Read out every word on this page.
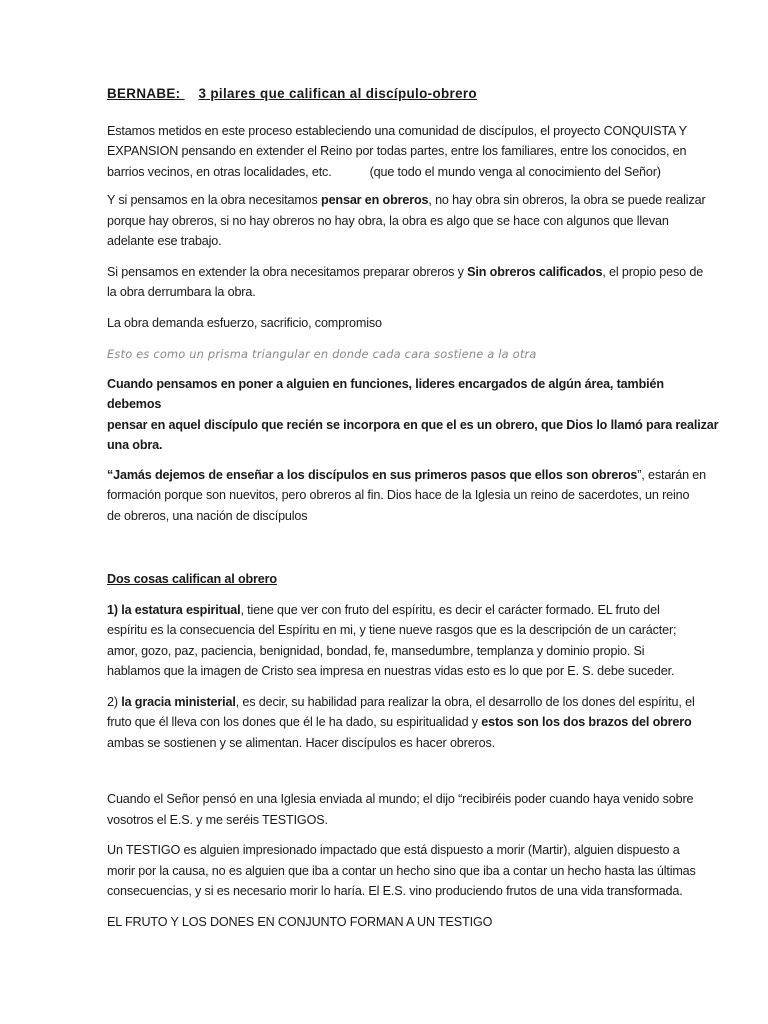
BERNABE: 3 pilares que califican al discípulo-obrero

Estamos metidos en este proceso estableciendo una comunidad de discípulos, el proyecto CONQUISTA Y
EXPANSION pensando en extender el Reino por todas partes, entre los familiares, entre los conocidos, en
barrios vecinos, en otras localidades, etc.	(que todo el mundo venga al conocimiento del Señor)

Y si pensamos en la obra necesitamos pensar en obreros, no hay obra sin obreros, la obra se puede realizar
porque hay obreros, si no hay obreros no hay obra, la obra es algo que se hace con algunos que llevan
adelante ese trabajo.

Si pensamos en extender la obra necesitamos preparar obreros y Sin obreros calificados, el propio peso de
la obra derrumbara la obra.

La obra demanda esfuerzo, sacrificio, compromiso

Esto es como un prisma triangular en donde cada cara sostiene a la otra

Cuando pensamos en poner a alguien en funciones, lideres encargados de algún área, también debemos
pensar en aquel discípulo que recién se incorpora en que el es un obrero, que Dios lo llamó para realizar
una obra.

“Jamás dejemos de enseñar a los discípulos en sus primeros pasos que ellos son obreros”, estarán en
formación porque son nuevitos, pero obreros al fin. Dios hace de la Iglesia un reino de sacerdotes, un reino
de obreros, una nación de discípulos

Dos cosas califican al obrero

1) la estatura espiritual, tiene que ver con fruto del espíritu, es decir el carácter formado. EL fruto del
espíritu es la consecuencia del Espíritu en mi, y tiene nueve rasgos que es la descripción de un carácter;
amor, gozo, paz, paciencia, benignidad, bondad, fe, mansedumbre, templanza y dominio propio. Si
hablamos que la imagen de Cristo sea impresa en nuestras vidas esto es lo que por E. S. debe suceder.

2) la gracia ministerial, es decir, su habilidad para realizar la obra, el desarrollo de los dones del espíritu, el
fruto que él lleva con los dones que él le ha dado, su espiritualidad y estos son los dos brazos del obrero
ambas se sostienen y se alimentan. Hacer discípulos es hacer obreros.

Cuando el Señor pensó en una Iglesia enviada al mundo; el dijo “recibiréis poder cuando haya venido sobre
vosotros el E.S. y me seréis TESTIGOS.

Un TESTIGO es alguien impresionado impactado que está dispuesto a morir (Martir), alguien dispuesto a
morir por la causa, no es alguien que iba a contar un hecho sino que iba a contar un hecho hasta las últimas
consecuencias, y si es necesario morir lo haría. El E.S. vino produciendo frutos de una vida transformada.

EL FRUTO Y LOS DONES EN CONJUNTO FORMAN A UN TESTIGO
